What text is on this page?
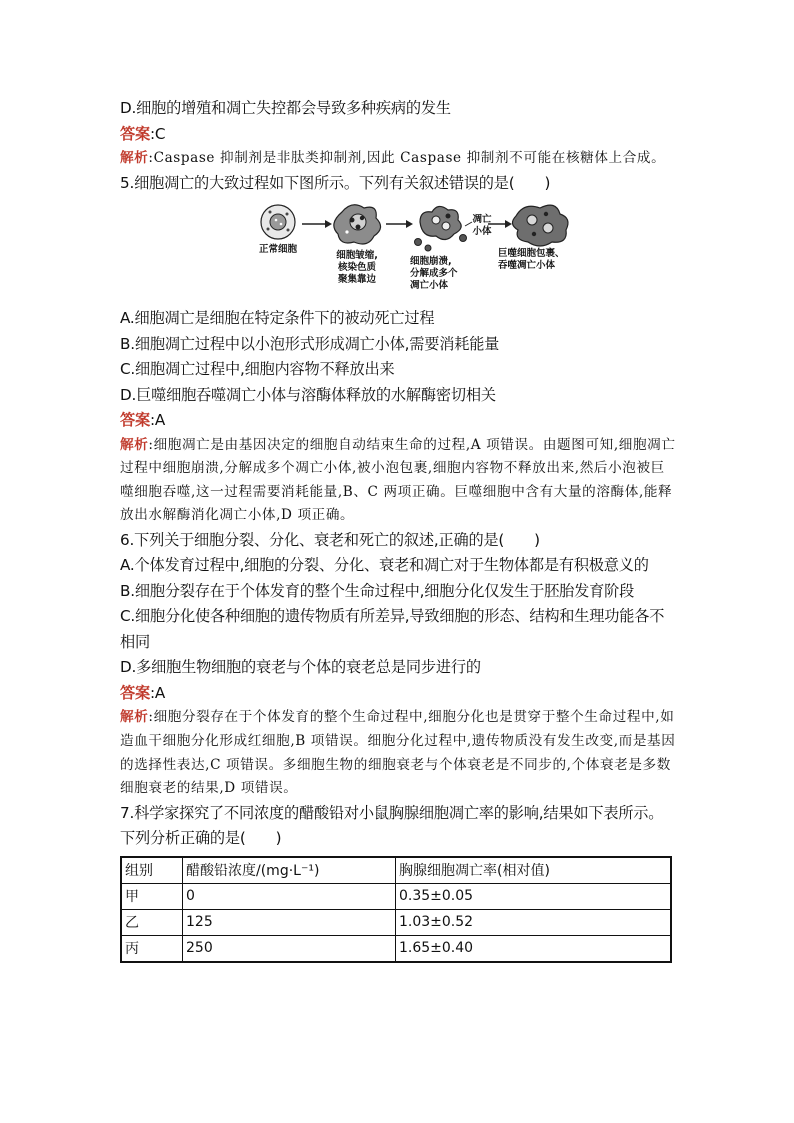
D.细胞的增殖和凋亡失控都会导致多种疾病的发生
答案:C
解析:Caspase 抑制剂是非肽类抑制剂,因此 Caspase 抑制剂不可能在核糖体上合成。
5.细胞凋亡的大致过程如下图所示。下列有关叙述错误的是(　　)
正常细胞
细胞皱缩,
核染色质
聚集靠边
凋亡
小体
细胞崩溃,
分解成多个
凋亡小体
巨噬细胞包裹、
吞噬凋亡小体
A.细胞凋亡是细胞在特定条件下的被动死亡过程
B.细胞凋亡过程中以小泡形式形成凋亡小体,需要消耗能量
C.细胞凋亡过程中,细胞内容物不释放出来
D.巨噬细胞吞噬凋亡小体与溶酶体释放的水解酶密切相关
答案:A
解析:细胞凋亡是由基因决定的细胞自动结束生命的过程,A 项错误。由题图可知,细胞凋亡过程中细胞崩溃,分解成多个凋亡小体,被小泡包裹,细胞内容物不释放出来,然后小泡被巨噬细胞吞噬,这一过程需要消耗能量,B、C 两项正确。巨噬细胞中含有大量的溶酶体,能释放出水解酶消化凋亡小体,D 项正确。
6.下列关于细胞分裂、分化、衰老和死亡的叙述,正确的是(　　)
A.个体发育过程中,细胞的分裂、分化、衰老和凋亡对于生物体都是有积极意义的
B.细胞分裂存在于个体发育的整个生命过程中,细胞分化仅发生于胚胎发育阶段
C.细胞分化使各种细胞的遗传物质有所差异,导致细胞的形态、结构和生理功能各不相同
D.多细胞生物细胞的衰老与个体的衰老总是同步进行的
答案:A
解析:细胞分裂存在于个体发育的整个生命过程中,细胞分化也是贯穿于整个生命过程中,如造血干细胞分化形成红细胞,B 项错误。细胞分化过程中,遗传物质没有发生改变,而是基因的选择性表达,C 项错误。多细胞生物的细胞衰老与个体衰老是不同步的,个体衰老是多数细胞衰老的结果,D 项错误。
7.科学家探究了不同浓度的醋酸铅对小鼠胸腺细胞凋亡率的影响,结果如下表所示。下列分析正确的是(　　)
组别	醋酸铅浓度/(mg·L⁻¹)	胸腺细胞凋亡率(相对值)
甲	0	0.35±0.05
乙	125	1.03±0.52
丙	250	1.65±0.40
